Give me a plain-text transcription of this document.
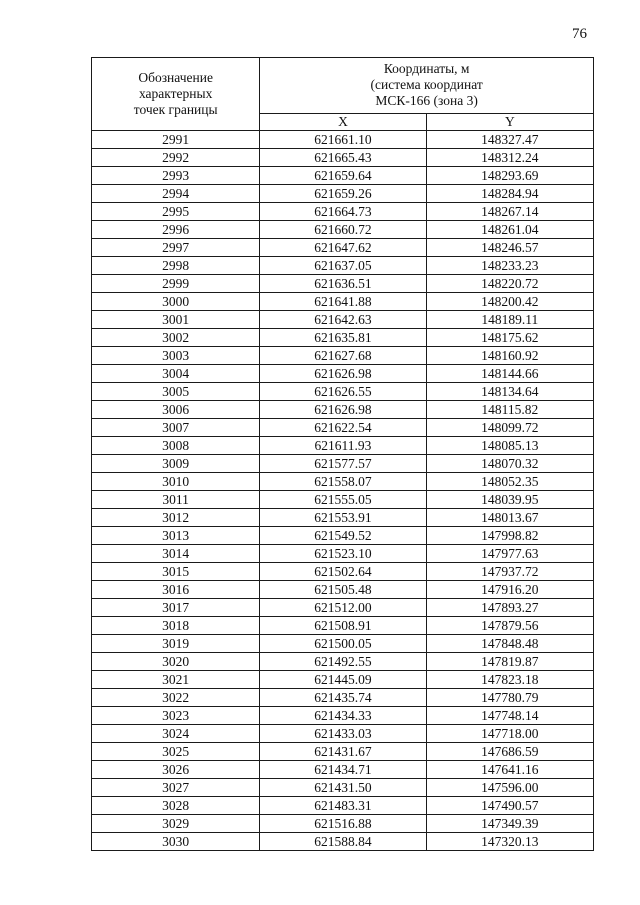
76
Обозначение
характерных
точек границы	Координаты, м
(система координат
МСК-166 (зона 3)	

	X	Y
2991	621661.10	148327.47
2992	621665.43	148312.24
2993	621659.64	148293.69
2994	621659.26	148284.94
2995	621664.73	148267.14
2996	621660.72	148261.04
2997	621647.62	148246.57
2998	621637.05	148233.23
2999	621636.51	148220.72
3000	621641.88	148200.42
3001	621642.63	148189.11
3002	621635.81	148175.62
3003	621627.68	148160.92
3004	621626.98	148144.66
3005	621626.55	148134.64
3006	621626.98	148115.82
3007	621622.54	148099.72
3008	621611.93	148085.13
3009	621577.57	148070.32
3010	621558.07	148052.35
3011	621555.05	148039.95
3012	621553.91	148013.67
3013	621549.52	147998.82
3014	621523.10	147977.63
3015	621502.64	147937.72
3016	621505.48	147916.20
3017	621512.00	147893.27
3018	621508.91	147879.56
3019	621500.05	147848.48
3020	621492.55	147819.87
3021	621445.09	147823.18
3022	621435.74	147780.79
3023	621434.33	147748.14
3024	621433.03	147718.00
3025	621431.67	147686.59
3026	621434.71	147641.16
3027	621431.50	147596.00
3028	621483.31	147490.57
3029	621516.88	147349.39
3030	621588.84	147320.13
